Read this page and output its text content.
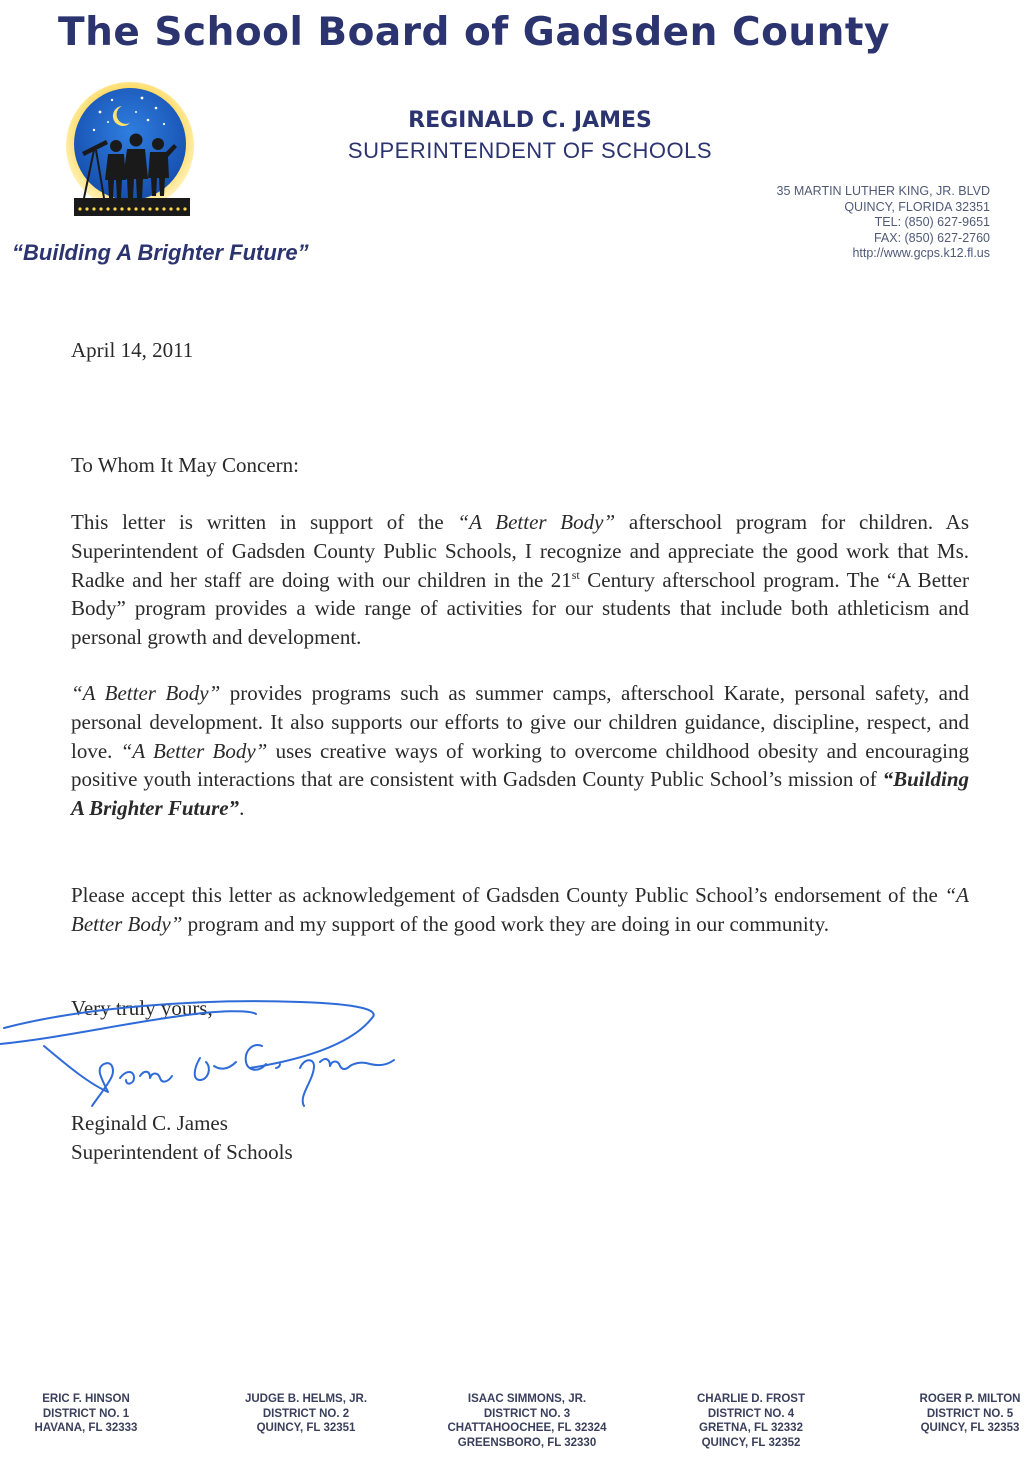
The School Board of Gadsden County
“Building A Brighter Future”
REGINALD C. JAMES
SUPERINTENDENT OF SCHOOLS
35 MARTIN LUTHER KING, JR. BLVD
QUINCY, FLORIDA 32351
TEL: (850) 627-9651
FAX: (850) 627-2760
http://www.gcps.k12.fl.us
April 14, 2011
To Whom It May Concern:

This letter is written in support of the “A Better Body” afterschool program for children. As Superintendent of Gadsden County Public Schools, I recognize and appreciate the good work that Ms. Radke and her staff are doing with our children in the 21st Century afterschool program. The “A Better Body” program provides a wide range of activities for our students that include both athleticism and personal growth and development.

“A Better Body” provides programs such as summer camps, afterschool Karate, personal safety, and personal development. It also supports our efforts to give our children guidance, discipline, respect, and love. “A Better Body” uses creative ways of working to overcome childhood obesity and encouraging positive youth interactions that are consistent with Gadsden County Public School’s mission of “Building A Brighter Future”.

Please accept this letter as acknowledgement of Gadsden County Public School’s endorsement of the “A Better Body” program and my support of the good work they are doing in our community.

Very truly yours,
Reginald C. James
Superintendent of Schools
ERIC F. HINSON
DISTRICT NO. 1
HAVANA, FL 32333
JUDGE B. HELMS, JR.
DISTRICT NO. 2
QUINCY, FL 32351
ISAAC SIMMONS, JR.
DISTRICT NO. 3
CHATTAHOOCHEE, FL 32324
GREENSBORO, FL 32330
CHARLIE D. FROST
DISTRICT NO. 4
GRETNA, FL 32332
QUINCY, FL 32352
ROGER P. MILTON
DISTRICT NO. 5
QUINCY, FL 32353
